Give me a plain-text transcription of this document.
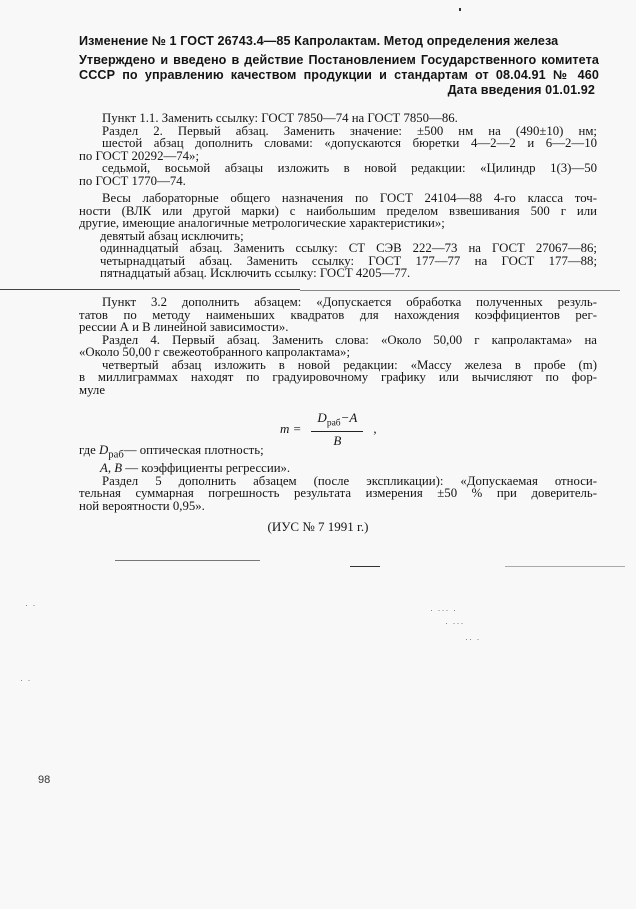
Изменение № 1 ГОСТ 26743.4—85 Капролактам. Метод определения железа
Утверждено и введено в действие Постановлением Государственного комитета
СССР по управлению качеством продукции и стандартам от 08.04.91 № 460
Дата введения 01.01.92
Пункт 1.1. Заменить ссылку: ГОСТ 7850—74 на ГОСТ 7850—86.
Раздел 2. Первый абзац. Заменить значение: ±500 нм на (490±10) нм;
шестой абзац дополнить словами: «допускаются бюретки 4—2—2 и 6—2—10
по ГОСТ 20292—74»;
седьмой, восьмой абзацы изложить в новой редакции: «Цилиндр 1(3)—50
по ГОСТ 1770—74.
Весы лабораторные общего назначения по ГОСТ 24104—88 4-го класса точ-
ности (ВЛК или другой марки) с наибольшим пределом взвешивания 500 г или
другие, имеющие аналогичные метрологические характеристики»;
девятый абзац исключить;
одиннадцатый абзац. Заменить ссылку: СТ СЭВ 222—73 на ГОСТ 27067—86;
четырнадцатый абзац. Заменить ссылку: ГОСТ 177—77 на ГОСТ 177—88;
пятнадцатый абзац. Исключить ссылку: ГОСТ 4205—77.
Пункт 3.2 дополнить абзацем: «Допускается обработка полученных резуль-
татов по методу наименьших квадратов для нахождения коэффициентов рег-
рессии А и В линейной зависимости».
Раздел 4. Первый абзац. Заменить слова: «Около 50,00 г капролактама» на
«Около 50,00 г свежеотобранного капролактама»;
четвертый абзац изложить в новой редакции: «Массу железа в пробе (m)
в миллиграммах находят по градуировочному графику или вычисляют по фор-
муле
$m = \frac{D_{раб}-A}{B}$ ,
где $D_{раб}—$ оптическая плотность;
A, B — коэффициенты регрессии».
Раздел 5 дополнить абзацем (после экспликации): «Допускаемая относи-
тельная суммарная погрешность результата измерения ±50 % при доверитель-
ной вероятности 0,95».
(ИУС № 7 1991 г.)
· ·	· ··· ·
· ···
·· ·
· ·
98
